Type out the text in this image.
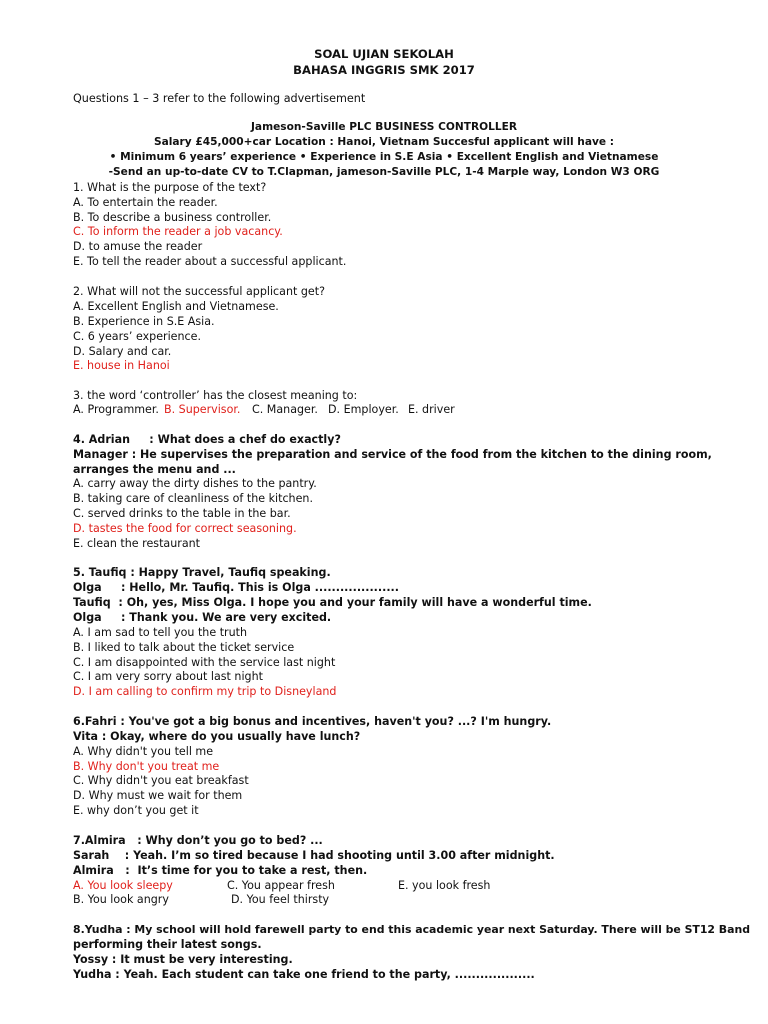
SOAL UJIAN SEKOLAH
BAHASA INGGRIS SMK 2017
Questions 1 – 3 refer to the following advertisement
Jameson-Saville PLC BUSINESS CONTROLLER
Salary £45,000+car Location : Hanoi, Vietnam Succesful applicant will have :
• Minimum 6 years’ experience • Experience in S.E Asia • Excellent English and Vietnamese
-Send an up-to-date CV to T.Clapman, jameson-Saville PLC, 1-4 Marple way, London W3 ORG
1. What is the purpose of the text?
A. To entertain the reader.
B. To describe a business controller.
C. To inform the reader a job vacancy.
D. to amuse the reader
E. To tell the reader about a successful applicant.
2. What will not the successful applicant get?
A. Excellent English and Vietnamese.
B. Experience in S.E Asia.
C. 6 years’ experience.
D. Salary and car.
E. house in Hanoi
3. the word ‘controller’ has the closest meaning to:
A. Programmer. B. Supervisor. C. Manager. D. Employer. E. driver
4. Adrian     : What does a chef do exactly?
Manager : He supervises the preparation and service of the food from the kitchen to the dining room,
arranges the menu and ...
A. carry away the dirty dishes to the pantry.
B. taking care of cleanliness of the kitchen.
C. served drinks to the table in the bar.
D. tastes the food for correct seasoning.
E. clean the restaurant
5. Taufiq : Happy Travel, Taufiq speaking.
Olga     : Hello, Mr. Taufiq. This is Olga ....................
Taufiq  : Oh, yes, Miss Olga. I hope you and your family will have a wonderful time.
Olga     : Thank you. We are very excited.
A. I am sad to tell you the truth
B. I liked to talk about the ticket service
C. I am disappointed with the service last night
C. I am very sorry about last night
D. I am calling to confirm my trip to Disneyland
6.Fahri : You've got a big bonus and incentives, haven't you? ...? I'm hungry.
Vita : Okay, where do you usually have lunch?
A. Why didn't you tell me
B. Why don't you treat me
C. Why didn't you eat breakfast
D. Why must we wait for them
E. why don’t you get it
7.Almira   : Why don’t you go to bed? ...
Sarah    : Yeah. I’m so tired because I had shooting until 3.00 after midnight.
Almira   :  It’s time for you to take a rest, then.
A. You look sleepy	C. You appear fresh	E. you look fresh
B. You look angry	D. You feel thirsty
8.Yudha : My school will hold farewell party to end this academic year next Saturday. There will be ST12 Band
performing their latest songs.
Yossy : It must be very interesting.
Yudha : Yeah. Each student can take one friend to the party, ...................
